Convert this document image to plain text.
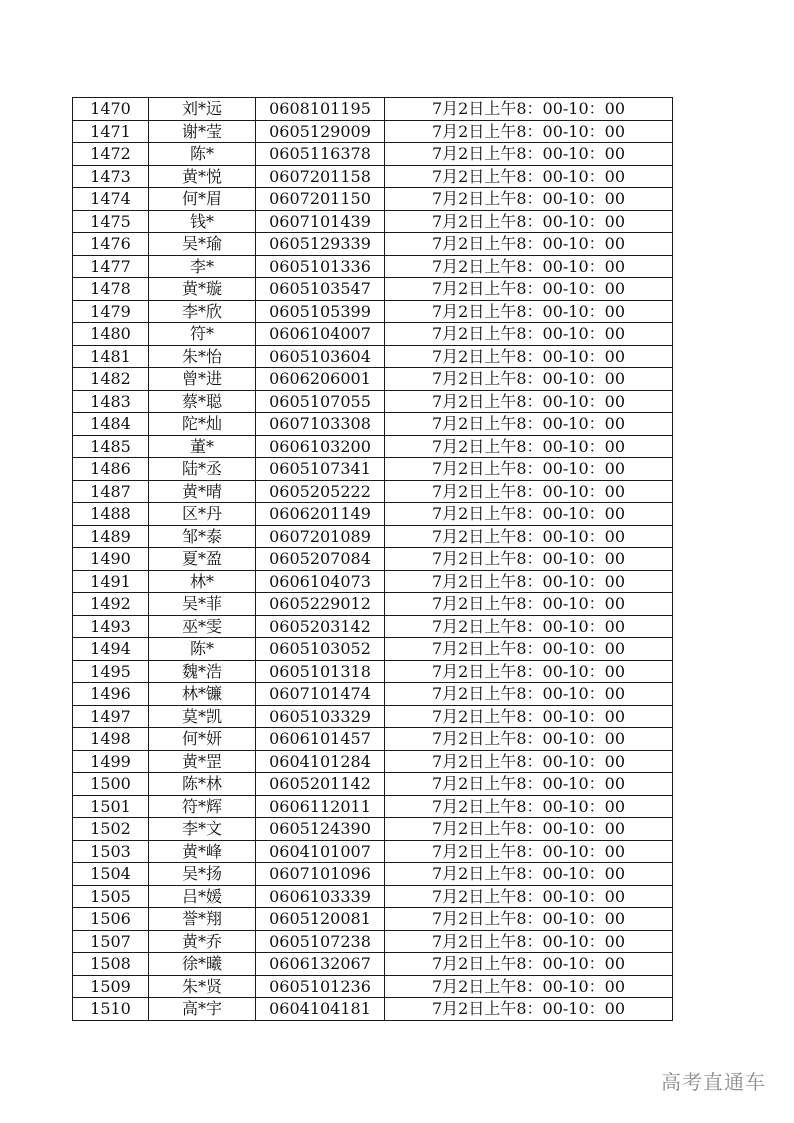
1470	刘*远	0608101195	7月2日上午8：00-10：00
1471	谢*莹	0605129009	7月2日上午8：00-10：00
1472	陈*	0605116378	7月2日上午8：00-10：00
1473	黄*悦	0607201158	7月2日上午8：00-10：00
1474	何*眉	0607201150	7月2日上午8：00-10：00
1475	钱*	0607101439	7月2日上午8：00-10：00
1476	吴*瑜	0605129339	7月2日上午8：00-10：00
1477	李*	0605101336	7月2日上午8：00-10：00
1478	黄*璇	0605103547	7月2日上午8：00-10：00
1479	李*欣	0605105399	7月2日上午8：00-10：00
1480	符*	0606104007	7月2日上午8：00-10：00
1481	朱*怡	0605103604	7月2日上午8：00-10：00
1482	曾*进	0606206001	7月2日上午8：00-10：00
1483	蔡*聪	0605107055	7月2日上午8：00-10：00
1484	陀*灿	0607103308	7月2日上午8：00-10：00
1485	董*	0606103200	7月2日上午8：00-10：00
1486	陆*丞	0605107341	7月2日上午8：00-10：00
1487	黄*晴	0605205222	7月2日上午8：00-10：00
1488	区*丹	0606201149	7月2日上午8：00-10：00
1489	邹*泰	0607201089	7月2日上午8：00-10：00
1490	夏*盈	0605207084	7月2日上午8：00-10：00
1491	林*	0606104073	7月2日上午8：00-10：00
1492	吴*菲	0605229012	7月2日上午8：00-10：00
1493	巫*雯	0605203142	7月2日上午8：00-10：00
1494	陈*	0605103052	7月2日上午8：00-10：00
1495	魏*浩	0605101318	7月2日上午8：00-10：00
1496	林*镰	0607101474	7月2日上午8：00-10：00
1497	莫*凯	0605103329	7月2日上午8：00-10：00
1498	何*妍	0606101457	7月2日上午8：00-10：00
1499	黄*罡	0604101284	7月2日上午8：00-10：00
1500	陈*林	0605201142	7月2日上午8：00-10：00
1501	符*辉	0606112011	7月2日上午8：00-10：00
1502	李*文	0605124390	7月2日上午8：00-10：00
1503	黄*峰	0604101007	7月2日上午8：00-10：00
1504	吴*扬	0607101096	7月2日上午8：00-10：00
1505	吕*媛	0606103339	7月2日上午8：00-10：00
1506	誉*翔	0605120081	7月2日上午8：00-10：00
1507	黄*乔	0605107238	7月2日上午8：00-10：00
1508	徐*曦	0606132067	7月2日上午8：00-10：00
1509	朱*贤	0605101236	7月2日上午8：00-10：00
1510	高*宇	0604104181	7月2日上午8：00-10：00
高考直通车
